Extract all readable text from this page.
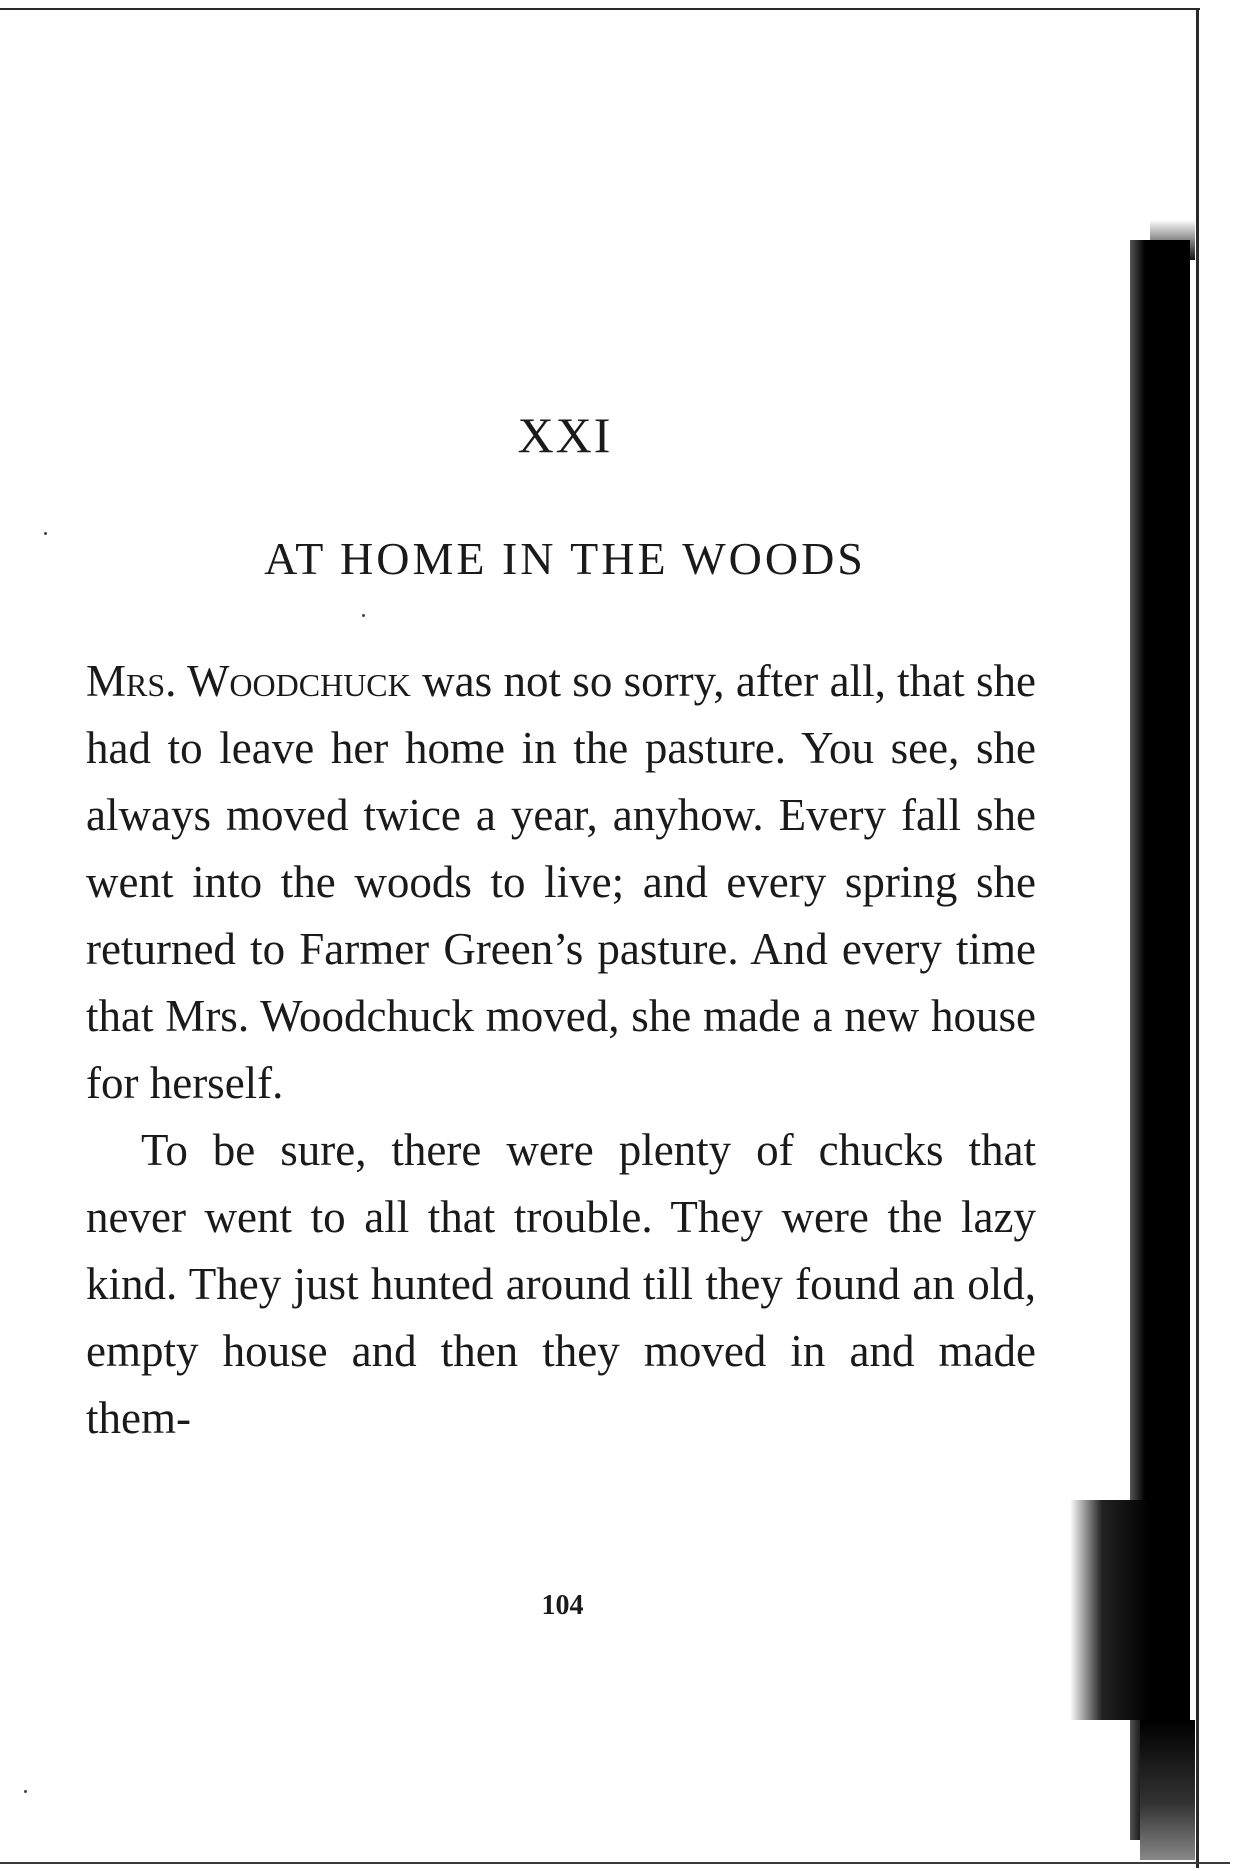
XXI
AT HOME IN THE WOODS

Mrs. Woodchuck was not so sorry, after all, that she had to leave her home in the pasture. You see, she always moved twice a year, anyhow. Every fall she went into the woods to live; and every spring she returned to Farmer Green’s pasture. And every time that Mrs. Woodchuck moved, she made a new house for herself.

To be sure, there were plenty of chucks that never went to all that trouble. They were the lazy kind. They just hunted around till they found an old, empty house and then they moved in and made them-

104
